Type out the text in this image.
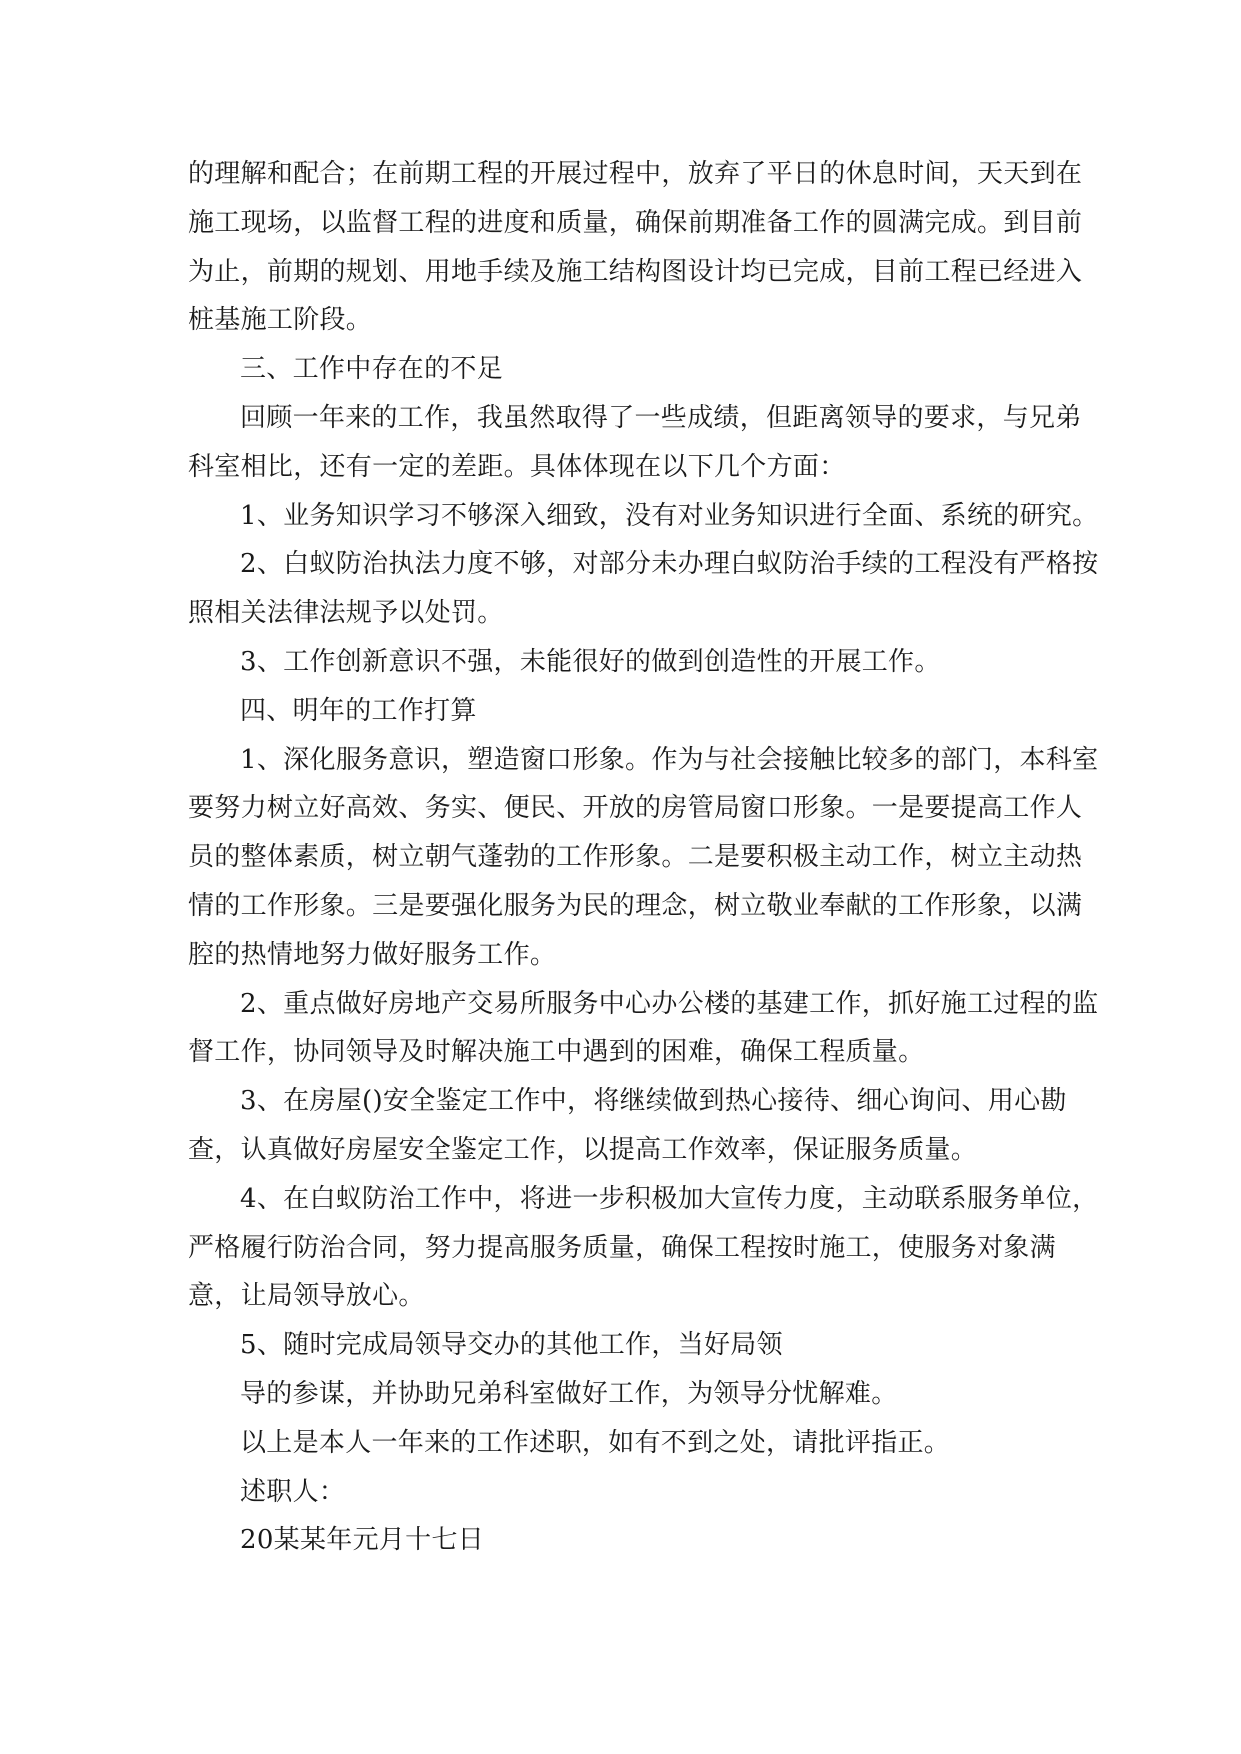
的理解和配合；在前期工程的开展过程中，放弃了平日的休息时间，天天到在
施工现场，以监督工程的进度和质量，确保前期准备工作的圆满完成。到目前
为止，前期的规划、用地手续及施工结构图设计均已完成，目前工程已经进入
桩基施工阶段。
三、工作中存在的不足
回顾一年来的工作，我虽然取得了一些成绩，但距离领导的要求，与兄弟
科室相比，还有一定的差距。具体体现在以下几个方面：
1、业务知识学习不够深入细致，没有对业务知识进行全面、系统的研究。
2、白蚁防治执法力度不够，对部分未办理白蚁防治手续的工程没有严格按
照相关法律法规予以处罚。
3、工作创新意识不强，未能很好的做到创造性的开展工作。
四、明年的工作打算
1、深化服务意识，塑造窗口形象。作为与社会接触比较多的部门，本科室
要努力树立好高效、务实、便民、开放的房管局窗口形象。一是要提高工作人
员的整体素质，树立朝气蓬勃的工作形象。二是要积极主动工作，树立主动热
情的工作形象。三是要强化服务为民的理念，树立敬业奉献的工作形象，以满
腔的热情地努力做好服务工作。
2、重点做好房地产交易所服务中心办公楼的基建工作，抓好施工过程的监
督工作，协同领导及时解决施工中遇到的困难，确保工程质量。
3、在房屋()安全鉴定工作中，将继续做到热心接待、细心询问、用心勘
查，认真做好房屋安全鉴定工作，以提高工作效率，保证服务质量。
4、在白蚁防治工作中，将进一步积极加大宣传力度，主动联系服务单位，
严格履行防治合同，努力提高服务质量，确保工程按时施工，使服务对象满
意，让局领导放心。
5、随时完成局领导交办的其他工作，当好局领
导的参谋，并协助兄弟科室做好工作，为领导分忧解难。
以上是本人一年来的工作述职，如有不到之处，请批评指正。
述职人：
20某某年元月十七日
